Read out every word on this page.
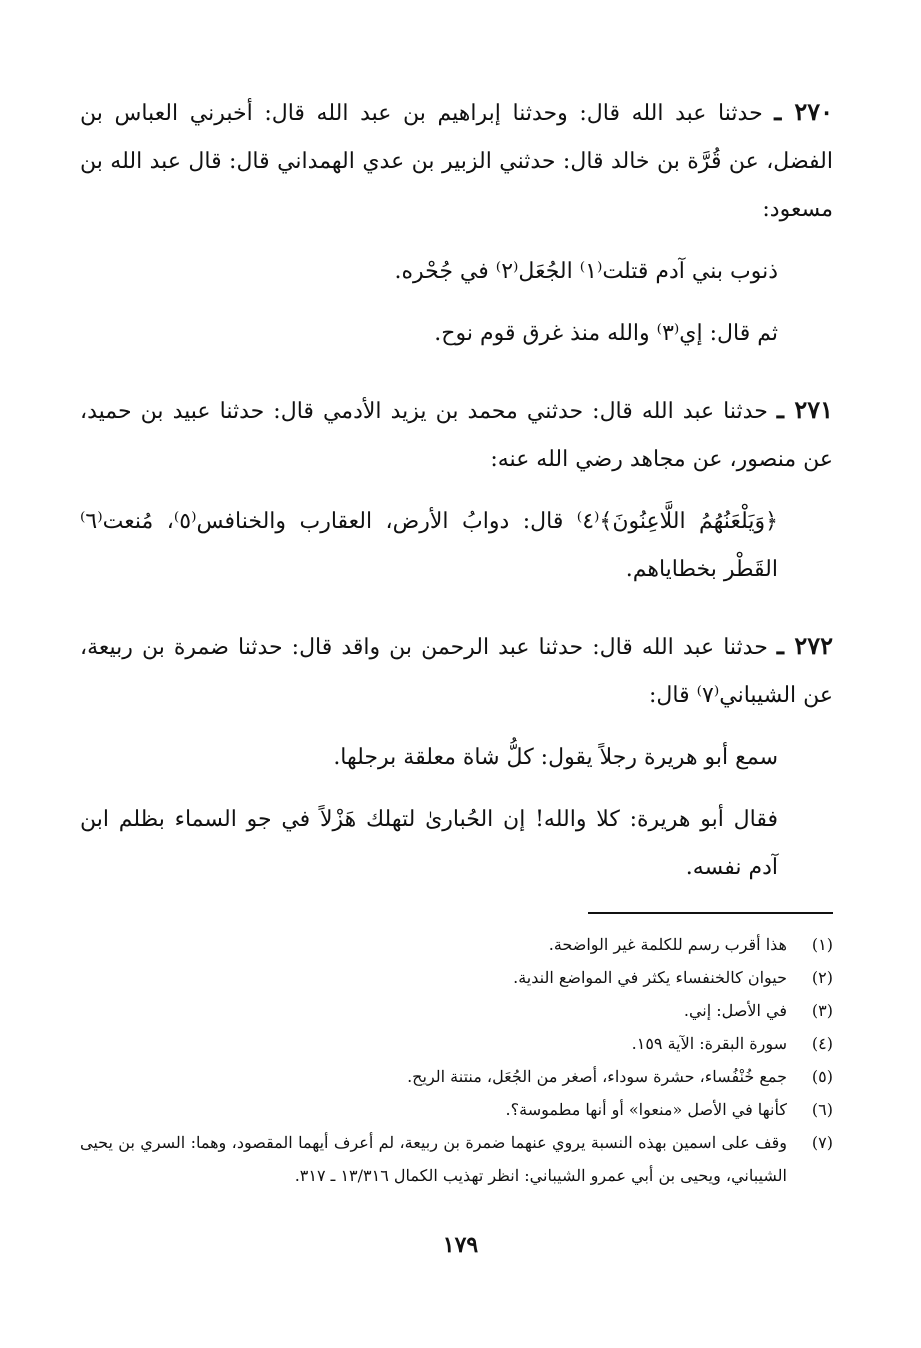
٢٧٠ ـ حدثنا عبد الله قال: وحدثنا إبراهيم بن عبد الله قال: أخبرني العباس بن الفضل، عن قُرَّة بن خالد قال: حدثني الزبير بن عدي الهمداني قال: قال عبد الله بن مسعود:

ذنوب بني آدم قتلت⁽١⁾ الجُعَل⁽٢⁾ في جُحْره.

ثم قال: إي⁽٣⁾ والله منذ غرق قوم نوح.

٢٧١ ـ حدثنا عبد الله قال: حدثني محمد بن يزيد الأدمي قال: حدثنا عبيد بن حميد، عن منصور، عن مجاهد رضي الله عنه:

﴿وَيَلْعَنُهُمُ اللَّاعِنُونَ﴾⁽٤⁾ قال: دوابُ الأرض، العقارب والخنافس⁽٥⁾، مُنعت⁽٦⁾ القَطْر بخطاياهم.

٢٧٢ ـ حدثنا عبد الله قال: حدثنا عبد الرحمن بن واقد قال: حدثنا ضمرة بن ربيعة، عن الشيباني⁽٧⁾ قال:

سمع أبو هريرة رجلاً يقول: كلُّ شاة معلقة برجلها.

فقال أبو هريرة: كلا والله! إن الحُبارىٰ لتهلك هَزْلاً في جو السماء بظلم ابن آدم نفسه.

(١)
هذا أقرب رسم للكلمة غير الواضحة.
(٢)
حيوان كالخنفساء يكثر في المواضع الندية.
(٣)
في الأصل: إني.
(٤)
سورة البقرة: الآية ١٥٩.
(٥)
جمع خُنْفُساء، حشرة سوداء، أصغر من الجُعَل، منتنة الريح.
(٦)
كأنها في الأصل «منعوا» أو أنها مطموسة؟.
(٧)
وقف على اسمين بهذه النسبة يروي عنهما ضمرة بن ربيعة، لم أعرف أيهما المقصود، وهما: السري بن يحيى الشيباني، ويحيى بن أبي عمرو الشيباني: انظر تهذيب الكمال ١٣/٣١٦ ـ ٣١٧.
١٧٩
